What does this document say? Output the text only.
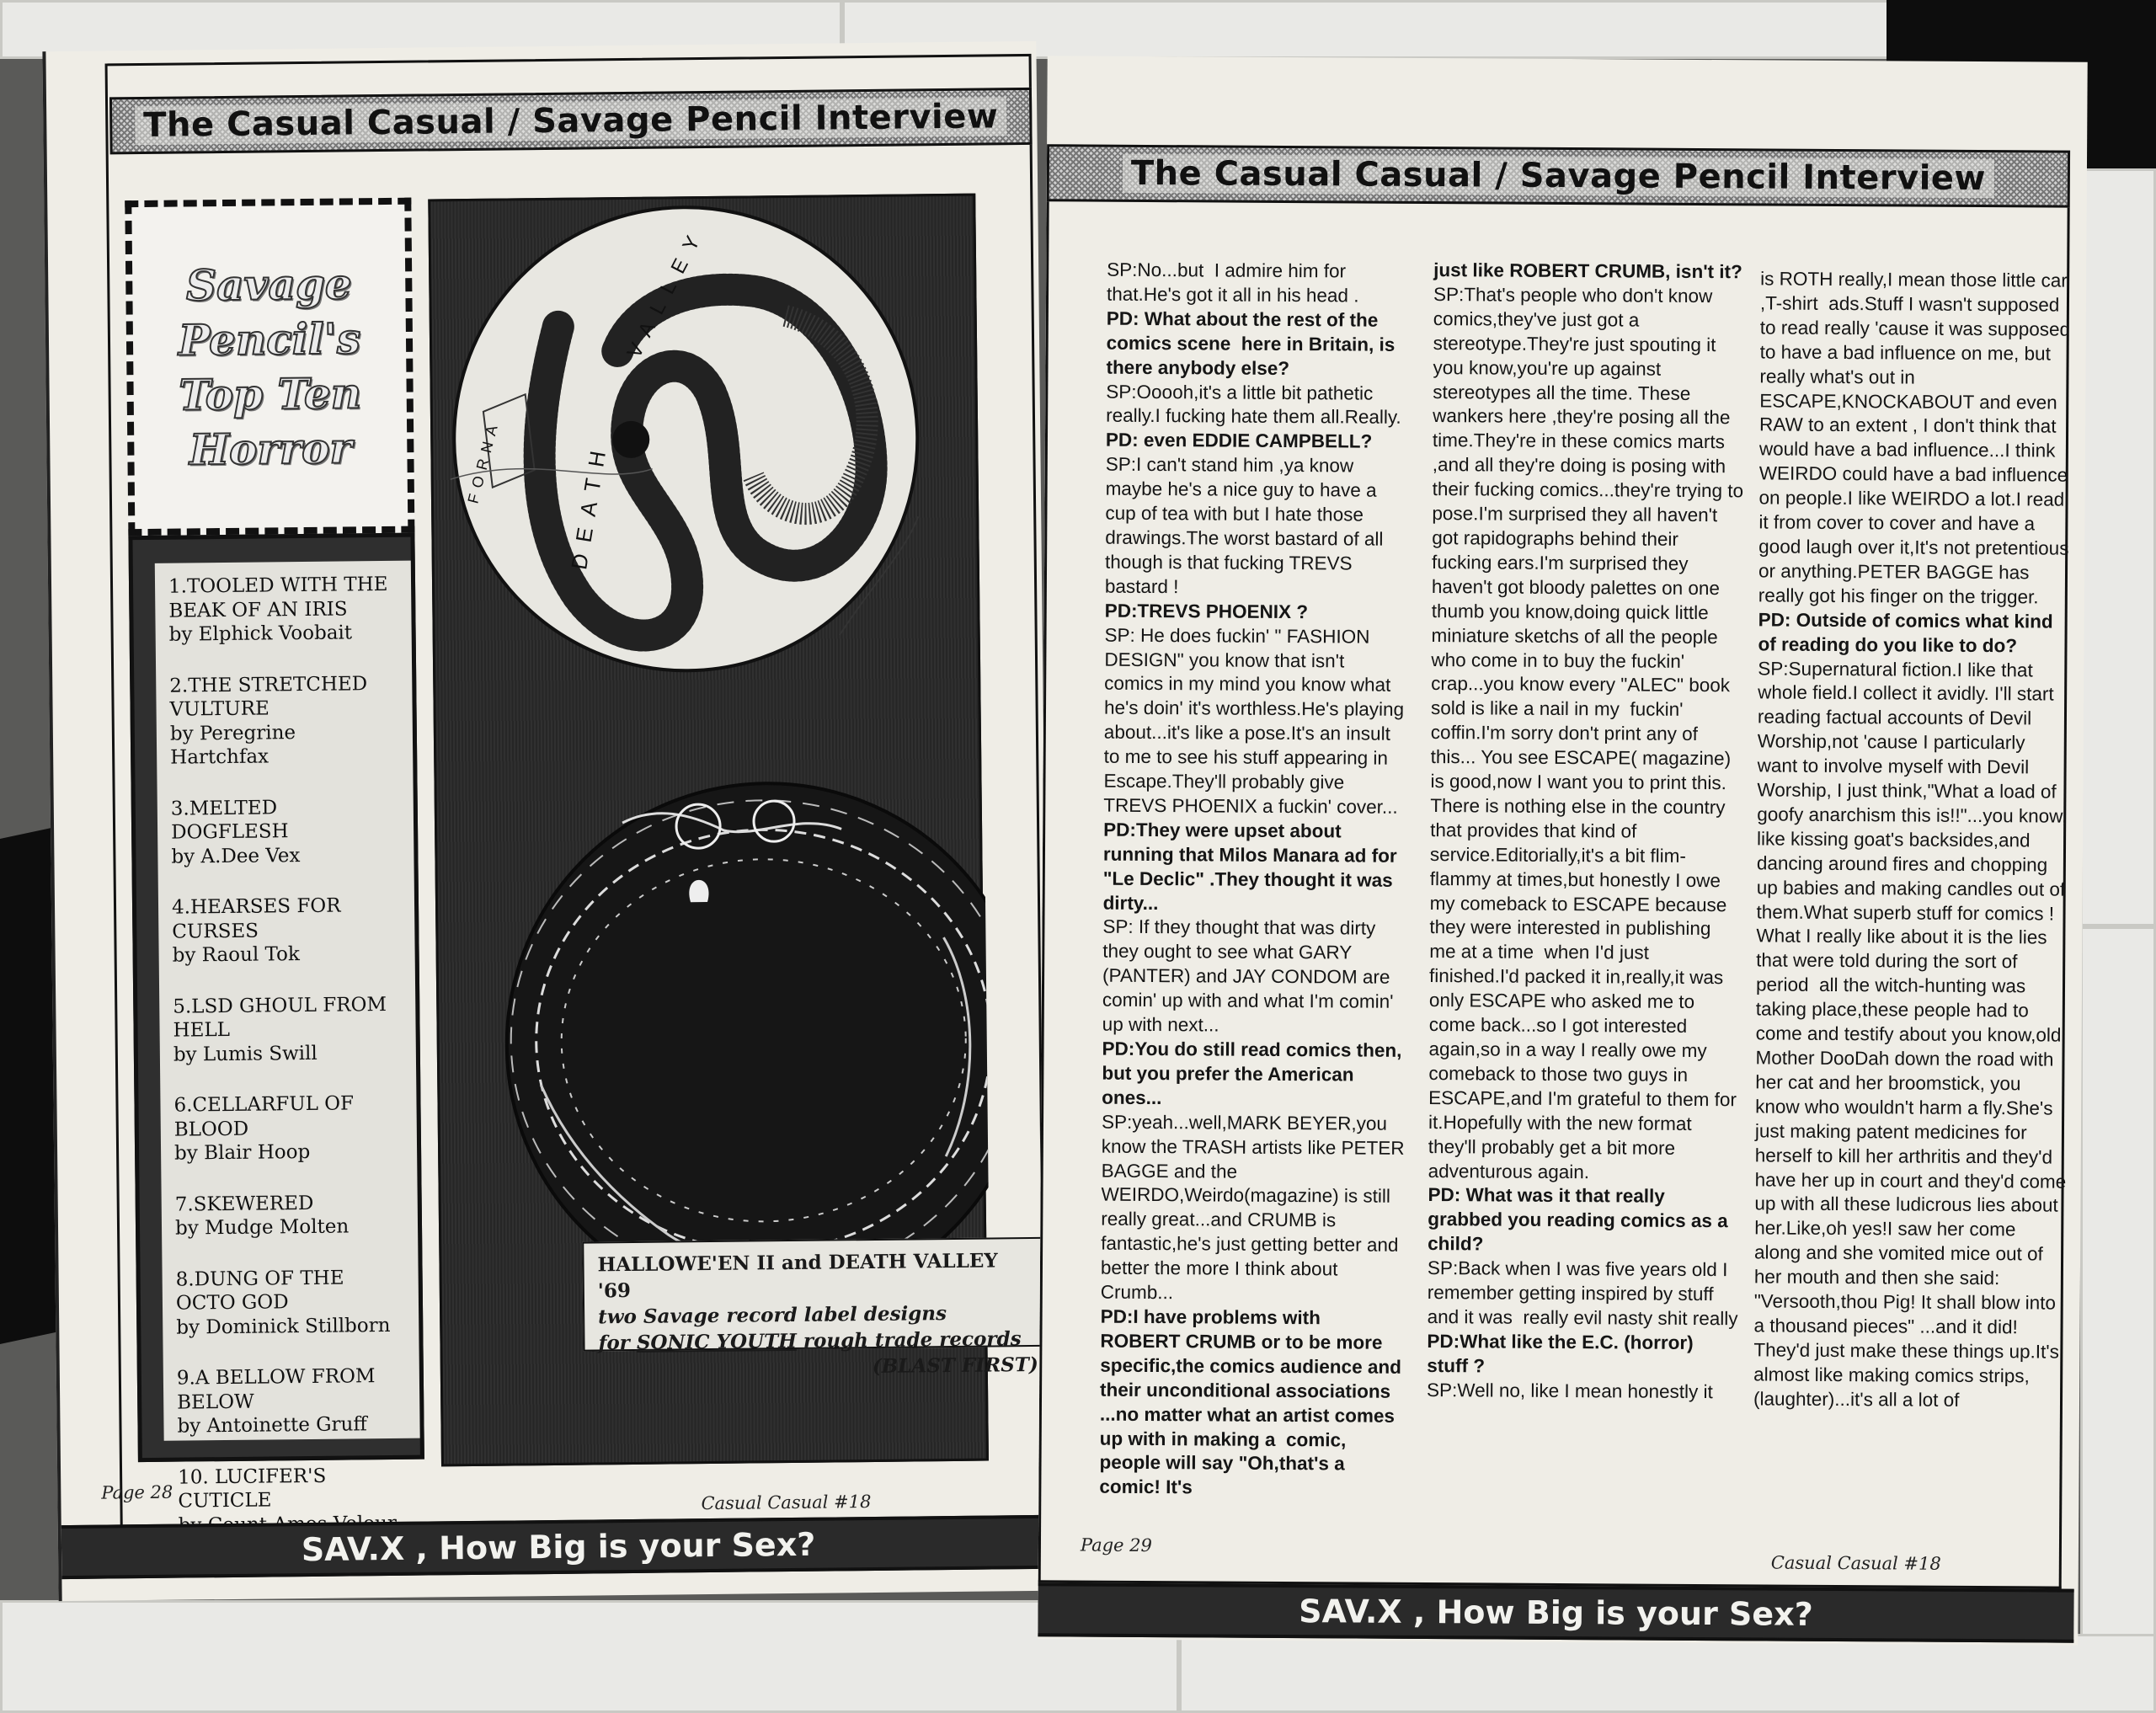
The Casual Casual / Savage Pencil Interview
Savage
Pencil's
Top Ten
Horror
1.TOOLED WITH THE BEAK OF AN IRIS
by Elphick Voobait
2.THE STRETCHED VULTURE
by Peregrine Hartchfax
3.MELTED DOGFLESH
by A.Dee Vex
4.HEARSES FOR CURSES
by Raoul Tok
5.LSD GHOUL FROM HELL
by Lumis Swill
6.CELLARFUL OF BLOOD
by Blair Hoop
7.SKEWERED
by Mudge Molten
8.DUNG OF THE OCTO GOD
by Dominick Stillborn
9.A BELLOW FROM BELOW
by Antoinette Gruff
10. LUCIFER'S CUTICLE
VALLEY
DEATH
FORNA
HALLOWE'EN II and DEATH VALLEY '69
two Savage record label designs
for SONIC YOUTH rough trade records
(BLAST FIRST)
Page 28	Casual Casual #18
SAV.X , How Big is your Sex?
The Casual Casual / Savage Pencil Interview

SP:No...but  I admire him for that.He's got it all in his head .

PD: What about the rest of the comics scene  here in Britain, is there anybody else?

SP:Ooooh,it's a little bit pathetic really.I fucking hate them all.Really.

PD: even EDDIE CAMPBELL?

SP:I can't stand him ,ya know maybe he's a nice guy to have a cup of tea with but I hate those drawings.The worst bastard of all though is that fucking TREVS bastard !

PD:TREVS PHOENIX ?

SP: He does fuckin' " FASHION DESIGN" you know that isn't comics in my mind you know what he's doin' it's worthless.He's playing about...it's like a pose.It's an insult to me to see his stuff appearing in Escape.They'll probably give TREVS PHOENIX a fuckin' cover...

PD:They were upset about running that Milos Manara ad for "Le Declic" .They thought it was dirty...

SP: If they thought that was dirty they ought to see what GARY (PANTER) and JAY CONDOM are comin' up with and what I'm comin' up with next...

PD:You do still read comics then, but you prefer the American ones...

SP:yeah...well,MARK BEYER,you know the TRASH artists like PETER BAGGE and the WEIRDO,Weirdo(magazine) is still really great...and CRUMB is fantastic,he's just getting better and better the more I think about Crumb...

PD:I have problems with ROBERT CRUMB or to be more specific,the comics audience and their unconditional associations ...no matter what an artist comes up with in making a  comic, people will say "Oh,that's a comic! It's

just like ROBERT CRUMB, isn't it?

SP:That's people who don't know comics,they've just got a stereotype.They're just spouting it you know,you're up against stereotypes all the time. These wankers here ,they're posing all the time.They're in these comics marts ,and all they're doing is posing with their fucking comics...they're trying to pose.I'm surprised they all haven't got rapidographs behind their fucking ears.I'm surprised they haven't got bloody palettes on one thumb you know,doing quick little miniature sketchs of all the people who come in to buy the fuckin' crap...you know every "ALEC" book sold is like a nail in my  fuckin' coffin.I'm sorry don't print any of this... You see ESCAPE( magazine) is good,now I want you to print this. There is nothing else in the country that provides that kind of service.Editorially,it's a bit flim-flammy at times,but honestly I owe my comeback to ESCAPE because they were interested in publishing me at a time  when I'd just finished.I'd packed it in,really,it was only ESCAPE who asked me to come back...so I got interested again,so in a way I really owe my comeback to those two guys in ESCAPE,and I'm grateful to them for it.Hopefully with the new format they'll probably get a bit more adventurous again.

PD: What was it that really grabbed you reading comics as a child?

SP:Back when I was five years old I remember getting inspired by stuff and it was  really evil nasty shit really

PD:What like the E.C. (horror) stuff ?

SP:Well no, like I mean honestly it

is ROTH really,I mean those little car ,T-shirt  ads.Stuff I wasn't supposed to read really 'cause it was supposed  to have a bad influence on me, but really what's out in ESCAPE,KNOCKABOUT and even RAW to an extent , I don't think that would have a bad influence...I think WEIRDO could have a bad influence on people.I like WEIRDO a lot.I read it from cover to cover and have a good laugh over it,It's not pretentious or anything.PETER BAGGE has really got his finger on the trigger.

PD: Outside of comics what kind of reading do you like to do?

SP:Supernatural fiction.I like that whole field.I collect it avidly. I'll start reading factual accounts of Devil Worship,not 'cause I particularly want to involve myself with Devil Worship, I just think,"What a load of goofy anarchism this is!!"...you know, like kissing goat's backsides,and dancing around fires and chopping up babies and making candles out of them.What superb stuff for comics ! What I really like about it is the lies that were told during the sort of period  all the witch-hunting was taking place,these people had to come and testify about you know,old Mother DooDah down the road with her cat and her broomstick, you know who wouldn't harm a fly.She's just making patent medicines for herself to kill her arthritis and they'd have her up in court and they'd come up with all these ludicrous lies about her.Like,oh yes!I saw her come along and she vomited mice out of her mouth and then she said: "Versooth,thou Pig! It shall blow into a thousand pieces" ...and it did! They'd just make these things up.It's almost like making comics strips,(laughter)...it's all a lot of

Page 29
Casual Casual #18
SAV.X , How Big is your Sex?
